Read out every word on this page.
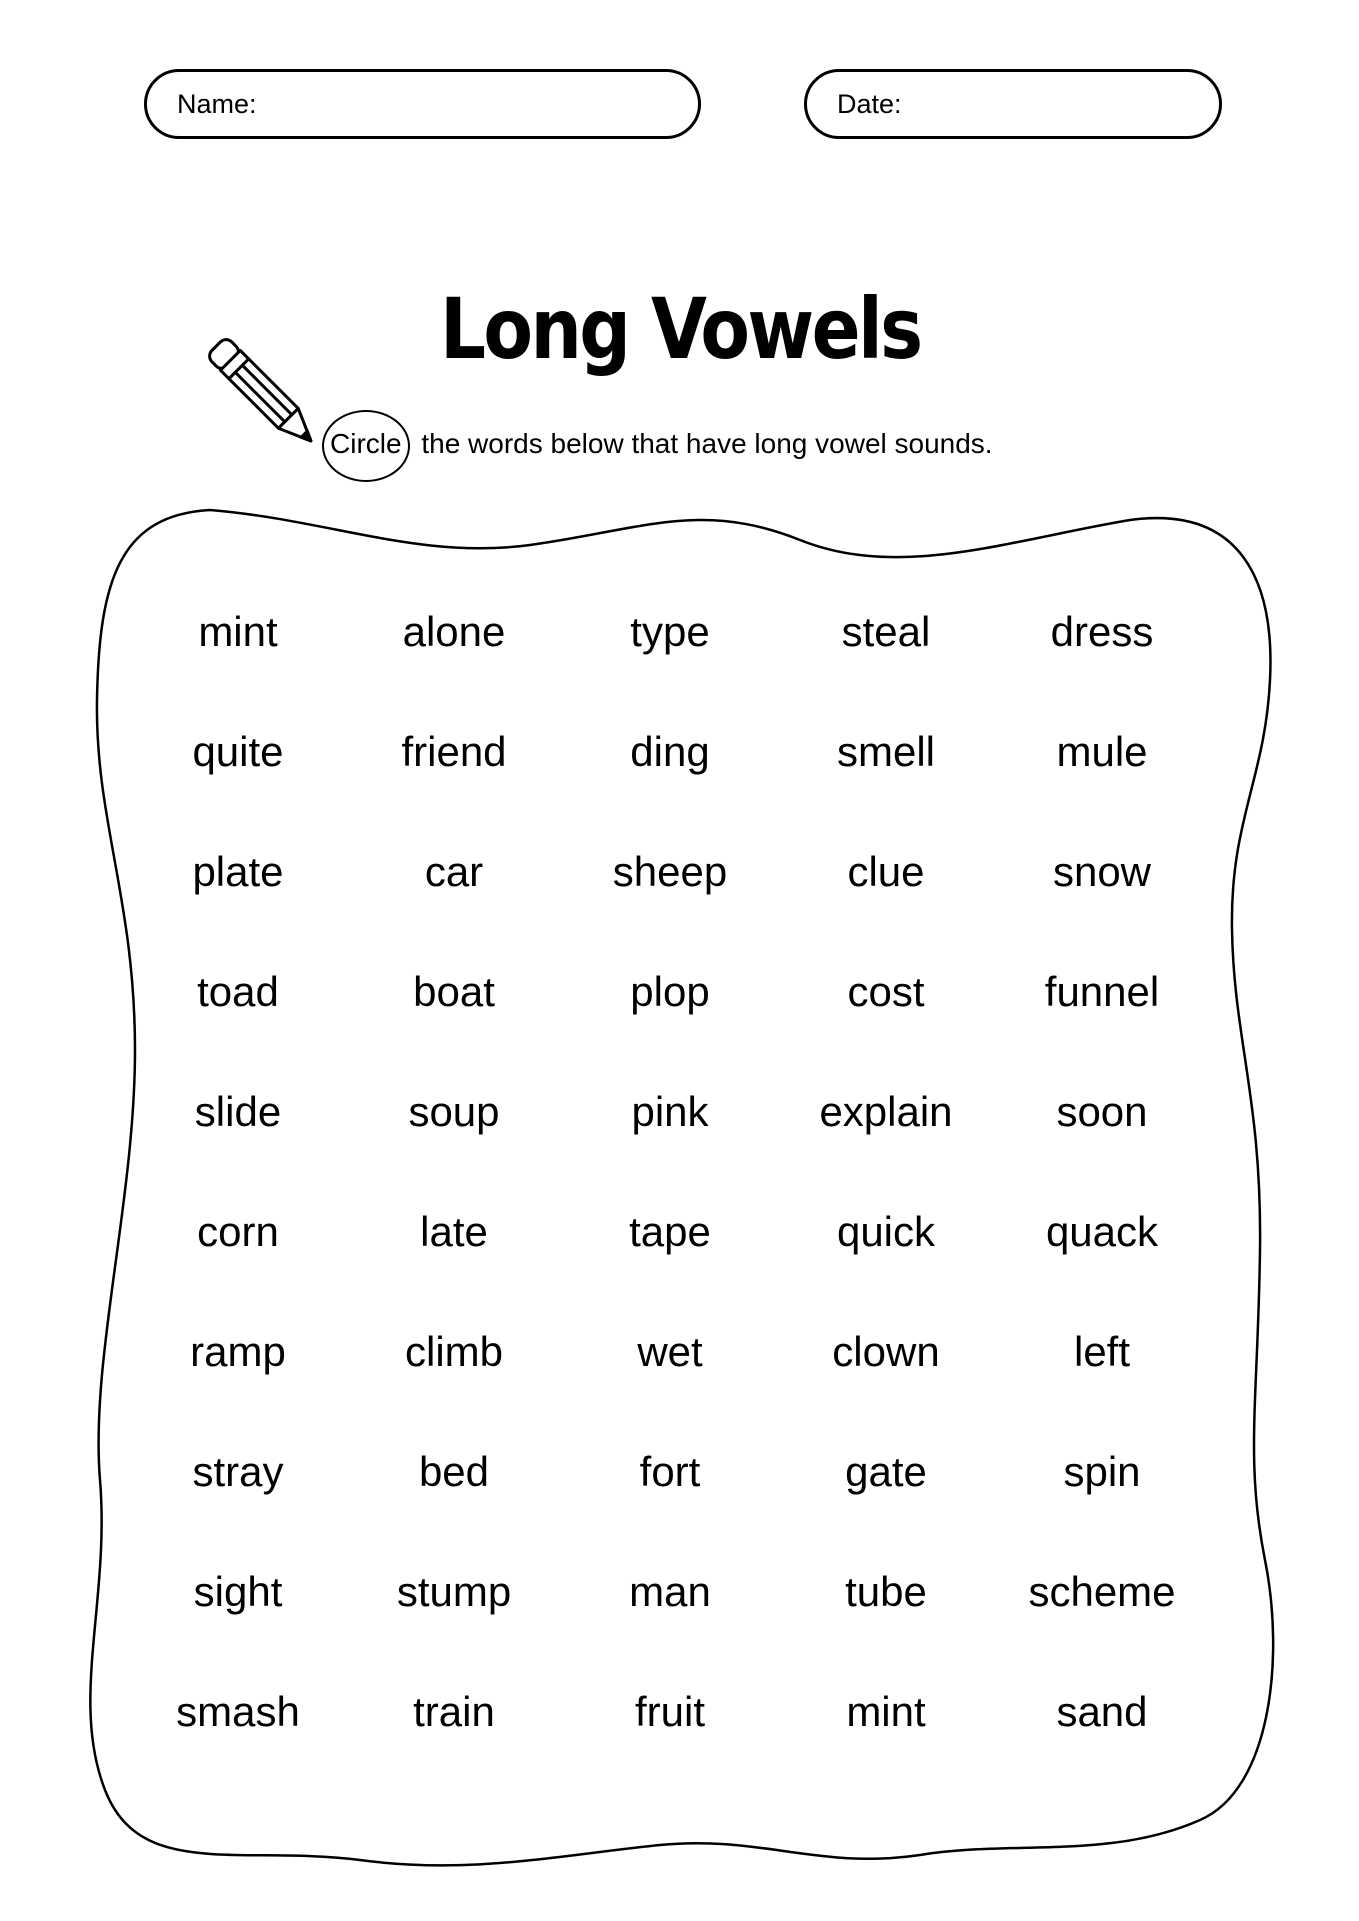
Name:	Date:
Long Vowels
Circle the words below that have long vowel sounds.
mint	alone	type	steal	dress
quite	friend	ding	smell	mule
plate	car	sheep	clue	snow
toad	boat	plop	cost	funnel
slide	soup	pink	explain	soon
corn	late	tape	quick	quack
ramp	climb	wet	clown	left
stray	bed	fort	gate	spin
sight	stump	man	tube	scheme
smash	train	fruit	mint	sand
